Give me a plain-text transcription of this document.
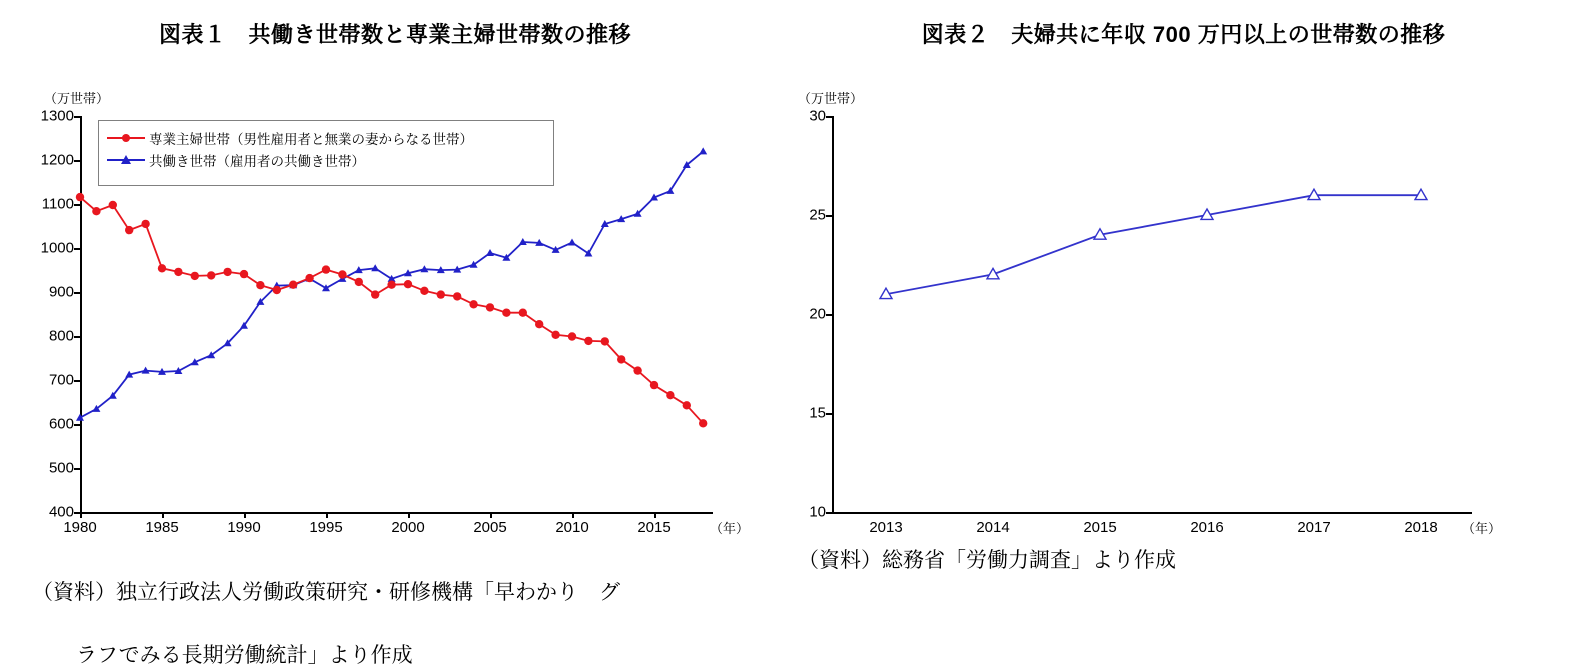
図表１ 共働き世帯数と専業主婦世帯数の推移
（万世帯）
1300
1200
1100
1000
900
800
700
600
500
400
1980	1985	1990	1995	2000	2005	2010	2015	（年）
専業主婦世帯（男性雇用者と無業の妻からなる世帯）
共働き世帯（雇用者の共働き世帯）

（資料）独立行政法人労働政策研究・研修機構「早わかり　グ

ラフでみる長期労働統計」より作成

図表２ 夫婦共に年収 700 万円以上の世帯数の推移
（万世帯）
30
25
20
15
10
2013	2014	2015	2016	2017	2018 （年）
（資料）総務省「労働力調査」より作成
